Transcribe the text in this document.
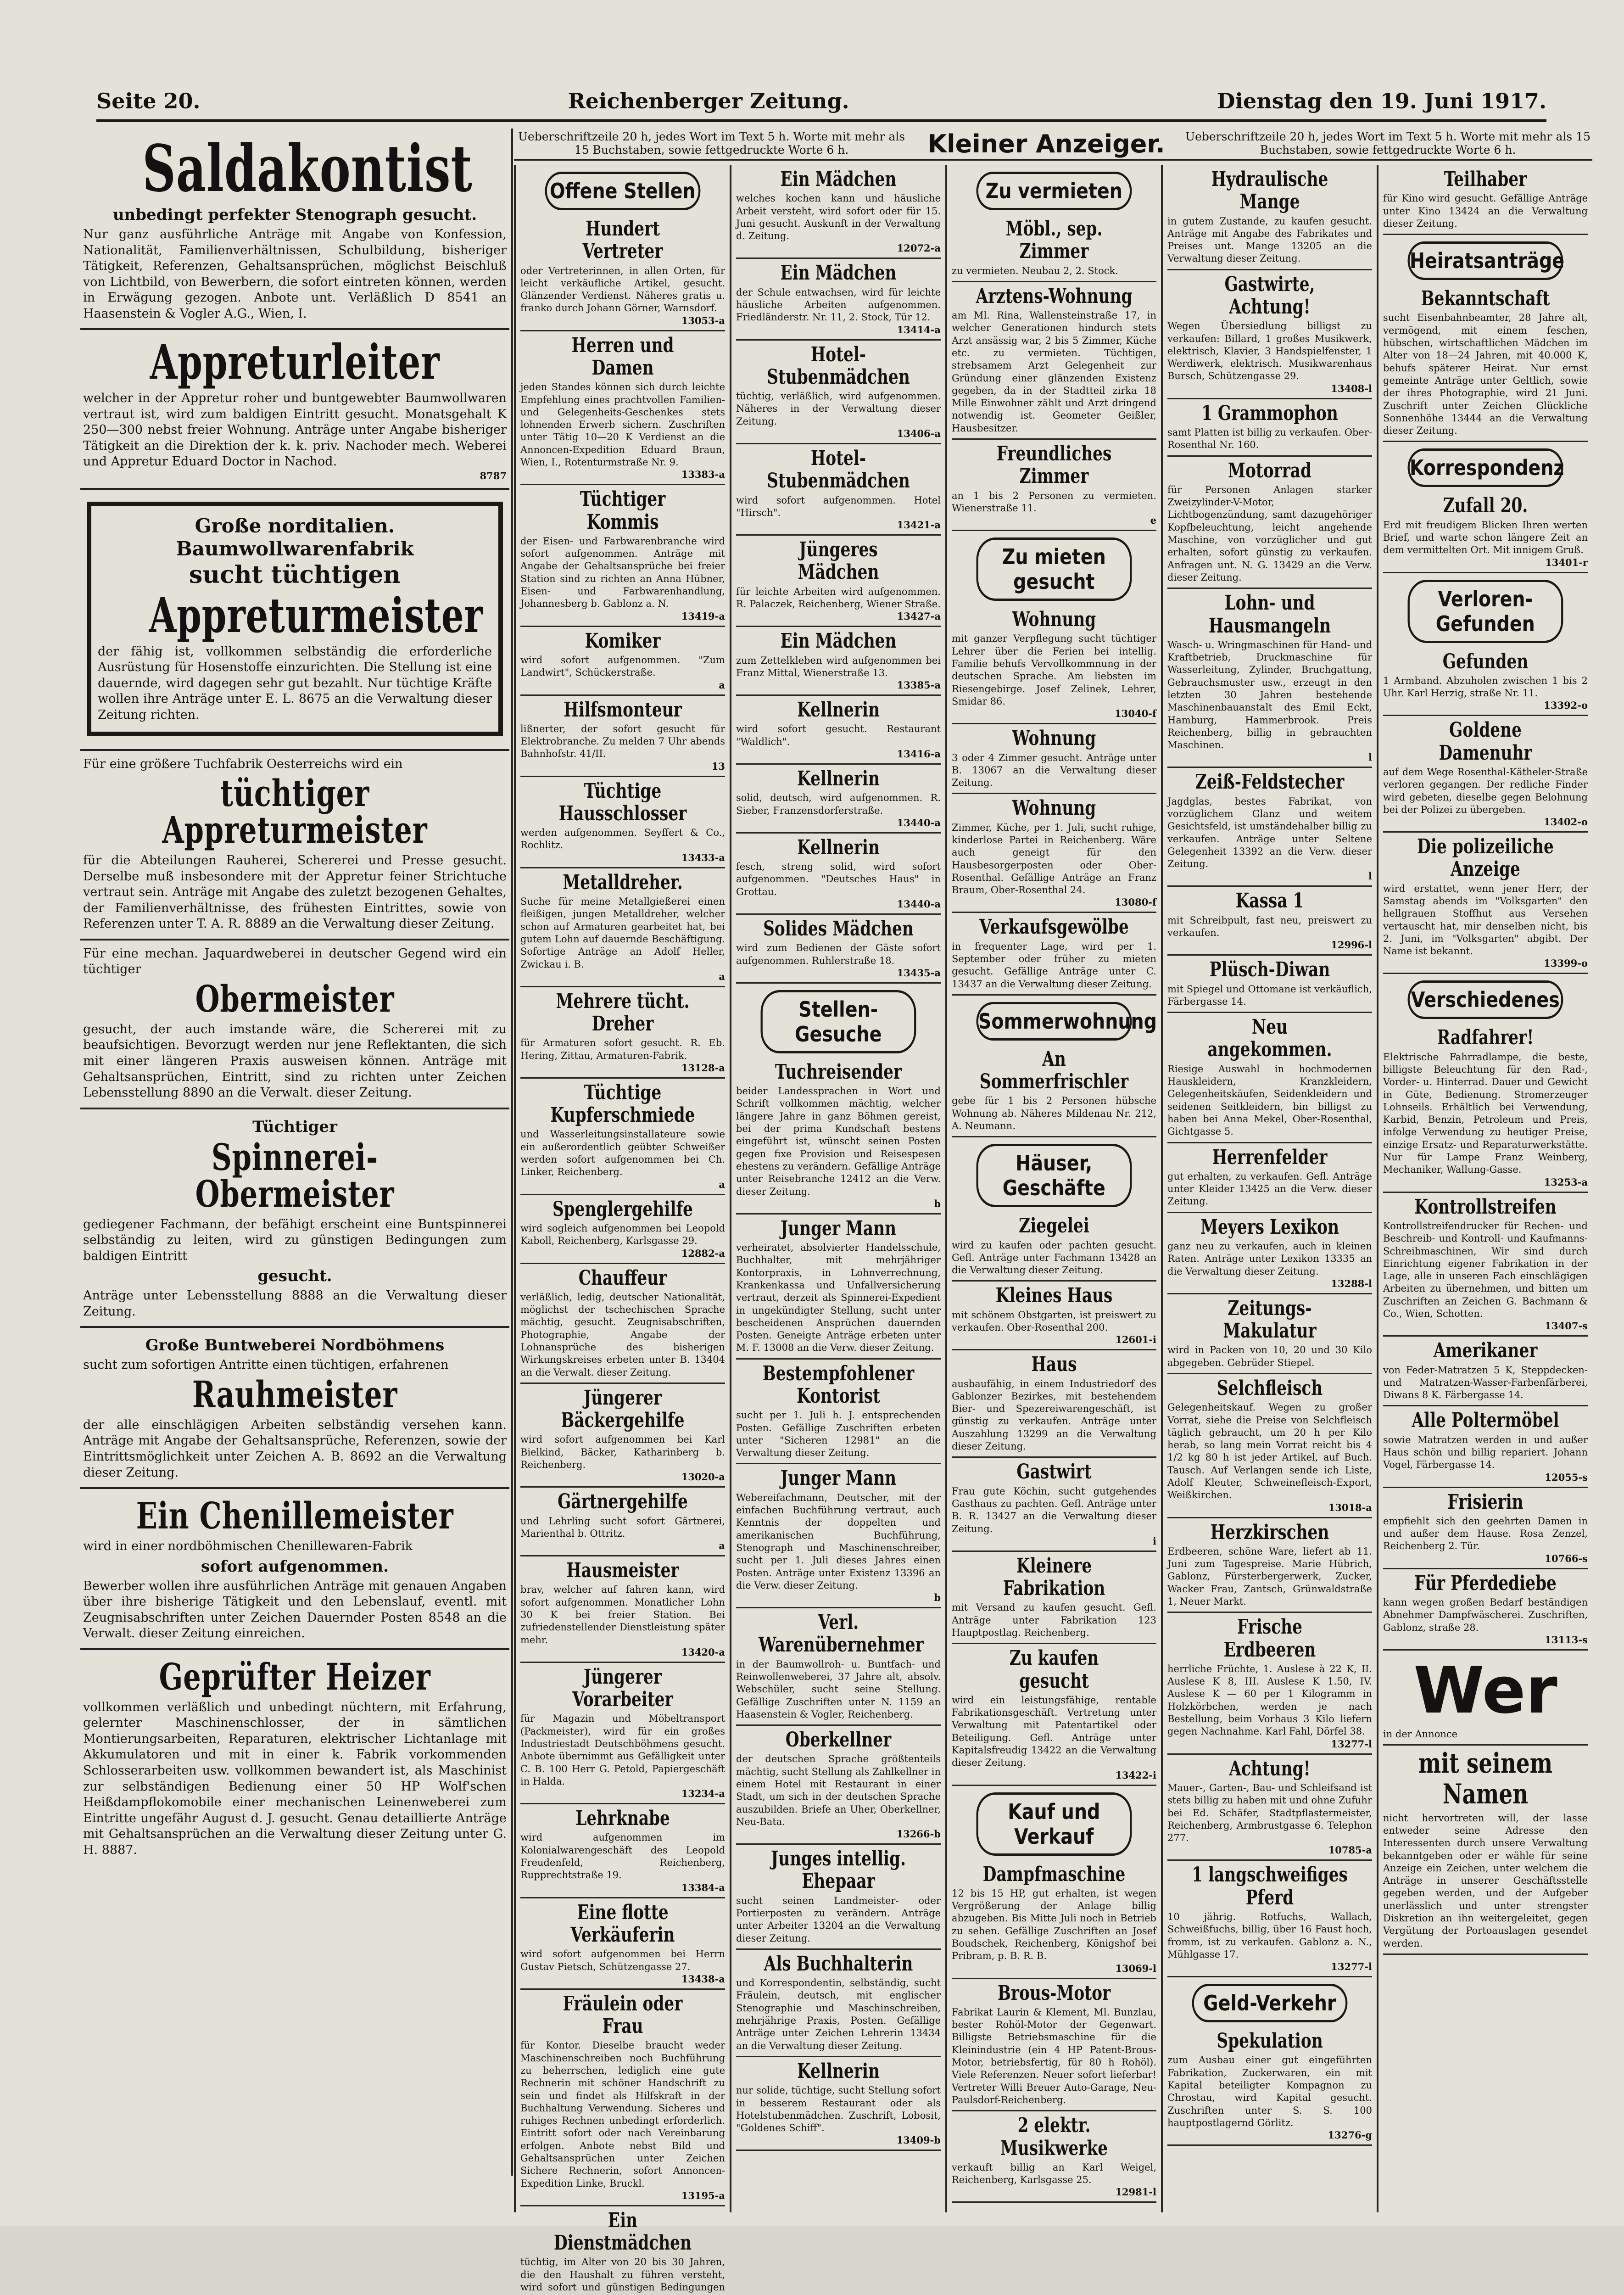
Seite 20.	Reichenberger Zeitung.	Dienstag den 19. Juni 1917.
Saldakontist
unbedingt perfekter Stenograph gesucht.
Nur ganz ausführliche Anträge mit Angabe von Konfession, Nationalität, Familienverhältnissen, Schulbildung, bisheriger Tätigkeit, Referenzen, Gehaltsansprüchen, möglichst Beischluß von Lichtbild, von Bewerbern, die sofort eintreten können, werden in Erwägung gezogen. Anbote unt. Verläßlich D 8541 an Haasenstein & Vogler A.G., Wien, I.
Appreturleiter
welcher in der Appretur roher und buntgewebter Baumwollwaren vertraut ist, wird zum baldigen Eintritt gesucht. Monatsgehalt K 250—300 nebst freier Wohnung. Anträge unter Angabe bisheriger Tätigkeit an die Direktion der k. k. priv. Nachoder mech. Weberei und Appretur Eduard Doctor in Nachod.
8787
Große norditalien. Baumwollwarenfabrik
sucht tüchtigen
Appreturmeister
der fähig ist, vollkommen selbständig die erforderliche Ausrüstung für Hosenstoffe einzurichten. Die Stellung ist eine dauernde, wird dagegen sehr gut bezahlt. Nur tüchtige Kräfte wollen ihre Anträge unter E. L. 8675 an die Verwaltung dieser Zeitung richten.
Für eine größere Tuchfabrik Oesterreichs wird ein
tüchtiger Appreturmeister
für die Abteilungen Rauherei, Schererei und Presse gesucht. Derselbe muß insbesondere mit der Appretur feiner Strichtuche vertraut sein. Anträge mit Angabe des zuletzt bezogenen Gehaltes, der Familienverhältnisse, des frühesten Eintrittes, sowie von Referenzen unter T. A. R. 8889 an die Verwaltung dieser Zeitung.
Für eine mechan. Jaquardweberei in deutscher Gegend wird ein tüchtiger
Obermeister
gesucht, der auch imstande wäre, die Schererei mit zu beaufsichtigen. Bevorzugt werden nur jene Reflektanten, die sich mit einer längeren Praxis ausweisen können. Anträge mit Gehaltsansprüchen, Eintritt, sind zu richten unter Zeichen Lebensstellung 8890 an die Verwalt. dieser Zeitung.
Tüchtiger
Spinnerei-Obermeister
gediegener Fachmann, der befähigt erscheint eine Buntspinnerei selbständig zu leiten, wird zu günstigen Bedingungen zum baldigen Eintritt
gesucht.
Anträge unter Lebensstellung 8888 an die Verwaltung dieser Zeitung.
Große Buntweberei Nordböhmens
sucht zum sofortigen Antritte einen tüchtigen, erfahrenen
Rauhmeister
der alle einschlägigen Arbeiten selbständig versehen kann. Anträge mit Angabe der Gehaltsansprüche, Referenzen, sowie der Eintrittsmöglichkeit unter Zeichen A. B. 8692 an die Verwaltung dieser Zeitung.
Ein Chenillemeister
wird in einer nordböhmischen Chenillewaren-Fabrik
sofort aufgenommen.
Bewerber wollen ihre ausführlichen Anträge mit genauen Angaben über ihre bisherige Tätigkeit und den Lebenslauf, eventl. mit Zeugnisabschriften unter Zeichen Dauernder Posten 8548 an die Verwalt. dieser Zeitung einreichen.
Geprüfter Heizer
vollkommen verläßlich und unbedingt nüchtern, mit Erfahrung, gelernter Maschinenschlosser, der in sämtlichen Montierungsarbeiten, Reparaturen, elektrischer Lichtanlage mit Akkumulatoren und mit in einer k. Fabrik vorkommenden Schlosserarbeiten usw. vollkommen bewandert ist, als Maschinist zur selbständigen Bedienung einer 50 HP Wolf'schen Heißdampflokomobile einer mechanischen Leinenweberei zum Eintritte ungefähr August d. J. gesucht. Genau detaillierte Anträge mit Gehaltsansprüchen an die Verwaltung dieser Zeitung unter G. H. 8887.
Ueberschriftzeile 20 h, jedes Wort im Text 5 h. Worte mit mehr als 15 Buchstaben, sowie fettgedruckte Worte 6 h.	Kleiner Anzeiger.	Ueberschriftzeile 20 h, jedes Wort im Text 5 h. Worte mit mehr als 15 Buchstaben, sowie fettgedruckte Worte 6 h.
Offene Stellen
Hundert Vertreter
oder Vertreterinnen, in allen Orten, für leicht verkäufliche Artikel, gesucht. Glänzender Verdienst. Näheres gratis u. franko durch Johann Görner, Warnsdorf.
13053-a
Herren und Damen
jeden Standes können sich durch leichte Empfehlung eines prachtvollen Familien- und Gelegenheits-Geschenkes stets lohnenden Erwerb sichern. Zuschriften unter Tätig 10—20 K Verdienst an die Annoncen-Expedition Eduard Braun, Wien, I., Rotenturmstraße Nr. 9.
13383-a
Tüchtiger Kommis
der Eisen- und Farbwarenbranche wird sofort aufgenommen. Anträge mit Angabe der Gehaltsansprüche bei freier Station sind zu richten an Anna Hübner, Eisen- und Farbwarenhandlung, Johannesberg b. Gablonz a. N.
13419-a
Komiker
wird sofort aufgenommen. "Zum Landwirt", Schückerstraße.
a
Hilfsmonteur
lißnerter, der sofort gesucht für Elektrobranche. Zu melden 7 Uhr abends Bahnhofstr. 41/II.
13
Tüchtige Hausschlosser
werden aufgenommen. Seyffert & Co., Rochlitz.
13433-a
Metalldreher.
Suche für meine Metallgießerei einen fleißigen, jungen Metalldreher, welcher schon auf Armaturen gearbeitet hat, bei gutem Lohn auf dauernde Beschäftigung. Sofortige Anträge an Adolf Heller, Zwickau i. B.
a
Mehrere tücht. Dreher
für Armaturen sofort gesucht. R. Eb. Hering, Zittau, Armaturen-Fabrik.
13128-a
Tüchtige Kupferschmiede
und Wasserleitungsinstallateure sowie ein außerordentlich geübter Schweißer werden sofort aufgenommen bei Ch. Linker, Reichenberg.
a
Spenglergehilfe
wird sogleich aufgenommen bei Leopold Kaboll, Reichenberg, Karlsgasse 29.
12882-a
Chauffeur
verläßlich, ledig, deutscher Nationalität, möglichst der tschechischen Sprache mächtig, gesucht. Zeugnisabschriften, Photographie, Angabe der Lohnansprüche des bisherigen Wirkungskreises erbeten unter B. 13404 an die Verwalt. dieser Zeitung.
Jüngerer Bäckergehilfe
wird sofort aufgenommen bei Karl Bielkind, Bäcker, Katharinberg b. Reichenberg.
13020-a
Gärtnergehilfe
und Lehrling sucht sofort Gärtnerei, Marienthal b. Ottritz.
a
Hausmeister
brav, welcher auf fahren kann, wird sofort aufgenommen. Monatlicher Lohn 30 K bei freier Station. Bei zufriedenstellender Dienstleistung später mehr.
13420-a
Jüngerer Vorarbeiter
für Magazin und Möbeltransport (Packmeister), wird für ein großes Industriestadt Deutschböhmens gesucht. Anbote übernimmt aus Gefälligkeit unter C. B. 100 Herr G. Petold, Papiergeschäft in Halda.
13234-a
Lehrknabe
wird aufgenommen im Kolonialwarengeschäft des Leopold Freudenfeld, Reichenberg, Rupprechtstraße 19.
13384-a
Eine flotte Verkäuferin
wird sofort aufgenommen bei Herrn Gustav Pietsch, Schützengasse 27.
13438-a
Fräulein oder Frau
für Kontor. Dieselbe braucht weder Maschinenschreiben noch Buchführung zu beherrschen, lediglich eine gute Rechnerin mit schöner Handschrift zu sein und findet als Hilfskraft in der Buchhaltung Verwendung. Sicheres und ruhiges Rechnen unbedingt erforderlich. Eintritt sofort oder nach Vereinbarung erfolgen. Anbote nebst Bild und Gehaltsansprüchen unter Zeichen Sichere Rechnerin, sofort Annoncen-Expedition Linke, Bruckl.
13195-a
Ein Dienstmädchen
tüchtig, im Alter von 20 bis 30 Jahren, die den Haushalt zu führen versteht, wird sofort und günstigen Bedingungen
Ein Mädchen
welches kochen kann und häusliche Arbeit versteht, wird sofort oder für 15. Juni gesucht. Auskunft in der Verwaltung d. Zeitung.
12072-a
Ein Mädchen
der Schule entwachsen, wird für leichte häusliche Arbeiten aufgenommen. Friedländerstr. Nr. 11, 2. Stock, Tür 12.
13414-a
Hotel-Stubenmädchen
tüchtig, verläßlich, wird aufgenommen. Näheres in der Verwaltung dieser Zeitung.
13406-a
Hotel-Stubenmädchen
wird sofort aufgenommen. Hotel "Hirsch".
13421-a
Jüngeres Mädchen
für leichte Arbeiten wird aufgenommen. R. Palaczek, Reichenberg, Wiener Straße.
13427-a
Ein Mädchen
zum Zettelkleben wird aufgenommen bei Franz Mittal, Wienerstraße 13.
13385-a
Kellnerin
wird sofort gesucht. Restaurant "Waldlich".
13416-a
Kellnerin
solid, deutsch, wird aufgenommen. R. Sieber, Franzensdorferstraße.
13440-a
Kellnerin
fesch, streng solid, wird sofort aufgenommen. "Deutsches Haus" in Grottau.
13440-a
Solides Mädchen
wird zum Bedienen der Gäste sofort aufgenommen. Ruhlerstraße 18.
13435-a
Stellen-Gesuche
Tuchreisender
beider Landessprachen in Wort und Schrift vollkommen mächtig, welcher längere Jahre in ganz Böhmen gereist, bei der prima Kundschaft bestens eingeführt ist, wünscht seinen Posten gegen fixe Provision und Reisespesen ehestens zu verändern. Gefällige Anträge unter Reisebranche 12412 an die Verw. dieser Zeitung.
b
Junger Mann
verheiratet, absolvierter Handelsschule, Buchhalter, mit mehrjähriger Kontorpraxis, in Lohnverrechnung, Krankenkassa und Unfallversicherung vertraut, derzeit als Spinnerei-Expedient in ungekündigter Stellung, sucht unter bescheidenen Ansprüchen dauernden Posten. Geneigte Anträge erbeten unter M. F. 13008 an die Verw. dieser Zeitung.
Bestempfohlener Kontorist
sucht per 1. Juli h. J. entsprechenden Posten. Gefällige Zuschriften erbeten unter "Sicheren 12981" an die Verwaltung dieser Zeitung.
Junger Mann
Webereifachmann, Deutscher, mit der einfachen Buchführung vertraut, auch Kenntnis der doppelten und amerikanischen Buchführung, Stenograph und Maschinenschreiber, sucht per 1. Juli dieses Jahres einen Posten. Anträge unter Existenz 13396 an die Verw. dieser Zeitung.
b
Verl. Warenübernehmer
in der Baumwollroh- u. Buntfach- und Reinwollenweberei, 37 Jahre alt, absolv. Webschüler, sucht seine Stellung. Gefällige Zuschriften unter N. 1159 an Haasenstein & Vogler, Reichenberg.
Oberkellner
der deutschen Sprache größtenteils mächtig, sucht Stellung als Zahlkellner in einem Hotel mit Restaurant in einer Stadt, um sich in der deutschen Sprache auszubilden. Briefe an Uher, Oberkellner, Neu-Bata.
13266-b
Junges intellig. Ehepaar
sucht seinen Landmeister- oder Portierposten zu verändern. Anträge unter Arbeiter 13204 an die Verwaltung dieser Zeitung.
Als Buchhalterin
und Korrespondentin, selbständig, sucht Fräulein, deutsch, mit englischer Stenographie und Maschinschreiben, mehrjährige Praxis, Posten. Gefällige Anträge unter Zeichen Lehrerin 13434 an die Verwaltung dieser Zeitung.
Kellnerin
nur solide, tüchtige, sucht Stellung sofort in besserem Restaurant oder als Hotelstubenmädchen. Zuschrift, Lobosit, "Goldenes Schiff".
13409-b
Zu vermieten
Möbl., sep. Zimmer
zu vermieten. Neubau 2, 2. Stock.
Arztens-Wohnung
am Ml. Rina, Wallensteinstraße 17, in welcher Generationen hindurch stets Arzt ansässig war, 2 bis 5 Zimmer, Küche etc. zu vermieten. Tüchtigen, strebsamem Arzt Gelegenheit zur Gründung einer glänzenden Existenz gegeben, da in der Stadtteil zirka 18 Mille Einwohner zählt und Arzt dringend notwendig ist. Geometer Geißler, Hausbesitzer.
Freundliches Zimmer
an 1 bis 2 Personen zu vermieten. Wienerstraße 11.
e
Zu mieten gesucht
Wohnung
mit ganzer Verpflegung sucht tüchtiger Lehrer über die Ferien bei intellig. Familie behufs Vervollkommnung in der deutschen Sprache. Am liebsten im Riesengebirge. Josef Zelinek, Lehrer, Smidar 86.
13040-f
Wohnung
3 oder 4 Zimmer gesucht. Anträge unter B. 13067 an die Verwaltung dieser Zeitung.
Wohnung
Zimmer, Küche, per 1. Juli, sucht ruhige, kinderlose Partei in Reichenberg. Wäre auch geneigt für den Hausbesorgerposten oder Ober-Rosenthal. Gefällige Anträge an Franz Braum, Ober-Rosenthal 24.
13080-f
Verkaufsgewölbe
in frequenter Lage, wird per 1. September oder früher zu mieten gesucht. Gefällige Anträge unter C. 13437 an die Verwaltung dieser Zeitung.
Sommerwohnung
An Sommerfrischler
gebe für 1 bis 2 Personen hübsche Wohnung ab. Näheres Mildenau Nr. 212, A. Neumann.
Häuser, Geschäfte
Ziegelei
wird zu kaufen oder pachten gesucht. Gefl. Anträge unter Fachmann 13428 an die Verwaltung dieser Zeitung.
Kleines Haus
mit schönem Obstgarten, ist preiswert zu verkaufen. Ober-Rosenthal 200.
12601-i
Haus
ausbaufähig, in einem Industriedorf des Gablonzer Bezirkes, mit bestehendem Bier- und Spezereiwarengeschäft, ist günstig zu verkaufen. Anträge unter Auszahlung 13299 an die Verwaltung dieser Zeitung.
Gastwirt
Frau gute Köchin, sucht gutgehendes Gasthaus zu pachten. Gefl. Anträge unter B. R. 13427 an die Verwaltung dieser Zeitung.
i
Kleinere Fabrikation
mit Versand zu kaufen gesucht. Gefl. Anträge unter Fabrikation 123 Hauptpostlag. Reichenberg.
Zu kaufen gesucht
wird ein leistungsfähige, rentable Fabrikationsgeschäft. Vertretung unter Verwaltung mit Patentartikel oder Beteiligung. Gefl. Anträge unter Kapitalsfreudig 13422 an die Verwaltung dieser Zeitung.
13422-i
Kauf und Verkauf
Dampfmaschine
12 bis 15 HP, gut erhalten, ist wegen Vergrößerung der Anlage billig abzugeben. Bis Mitte Juli noch in Betrieb zu sehen. Gefällige Zuschriften an Josef Boudschek, Reichenberg, Königshof bei Pribram, p. B. R. B.
13069-l
Brous-Motor
Fabrikat Laurin & Klement, Ml. Bunzlau, bester Rohöl-Motor der Gegenwart. Billigste Betriebsmaschine für die Kleinindustrie (ein 4 HP Patent-Brous-Motor, betriebsfertig, für 80 h Rohöl). Viele Referenzen. Neuer sofort lieferbar! Vertreter Willi Breuer Auto-Garage, Neu-Paulsdorf-Reichenberg.
2 elektr. Musikwerke
verkauft billig an Karl Weigel, Reichenberg, Karlsgasse 25.
12981-l
Hydraulische Mange
in gutem Zustande, zu kaufen gesucht. Anträge mit Angabe des Fabrikates und Preises unt. Mange 13205 an die Verwaltung dieser Zeitung.
Gastwirte, Achtung!
Wegen Übersiedlung billigst zu verkaufen: Billard, 1 großes Musikwerk, elektrisch, Klavier, 3 Handspielfenster, 1 Werdiwerk, elektrisch. Musikwarenhaus Bursch, Schützengasse 29.
13408-l
1 Grammophon
samt Platten ist billig zu verkaufen. Ober-Rosenthal Nr. 160.
Motorrad
für Personen Anlagen starker Zweizylinder-V-Motor, Lichtbogenzündung, samt dazugehöriger Kopfbeleuchtung, leicht angehende Maschine, von vorzüglicher und gut erhalten, sofort günstig zu verkaufen. Anfragen unt. N. G. 13429 an die Verw. dieser Zeitung.
Lohn- und Hausmangeln
Wasch- u. Wringmaschinen für Hand- und Kraftbetrieb, Druckmaschine für Wasserleitung, Zylinder, Bruchgattung, Gebrauchsmuster usw., erzeugt in den letzten 30 Jahren bestehende Maschinenbauanstalt des Emil Eckt, Hamburg, Hammerbrook. Preis Reichenberg, billig in gebrauchten Maschinen.
l
Zeiß-Feldstecher
Jagdglas, bestes Fabrikat, von vorzüglichem Glanz und weitem Gesichtsfeld, ist umständehalber billig zu verkaufen. Anträge unter Seltene Gelegenheit 13392 an die Verw. dieser Zeitung.
l
Kassa 1
mit Schreibpult, fast neu, preiswert zu verkaufen.
12996-l
Plüsch-Diwan
mit Spiegel und Ottomane ist verkäuflich, Färbergasse 14.
Neu angekommen.
Riesige Auswahl in hochmodernen Hauskleidern, Kranzkleidern, Gelegenheitskäufen, Seidenkleidern und seidenen Seitkleidern, bin billigst zu haben bei Anna Mekel, Ober-Rosenthal, Gichtgasse 5.
Herrenfelder
gut erhalten, zu verkaufen. Gefl. Anträge unter Kleider 13425 an die Verw. dieser Zeitung.
Meyers Lexikon
ganz neu zu verkaufen, auch in kleinen Raten. Anträge unter Lexikon 13335 an die Verwaltung dieser Zeitung.
13288-l
Zeitungs-Makulatur
wird in Packen von 10, 20 und 30 Kilo abgegeben. Gebrüder Stiepel.
Selchfleisch
Gelegenheitskauf. Wegen zu großer Vorrat, siehe die Preise von Selchfleisch täglich gebraucht, um 20 h per Kilo herab, so lang mein Vorrat reicht bis 4 1/2 kg 80 h ist jeder Artikel, auf Buch. Tausch. Auf Verlangen sende ich Liste, Adolf Kleuter, Schweinefleisch-Export, Weißkirchen.
13018-a
Herzkirschen
Erdbeeren, schöne Ware, liefert ab 11. Juni zum Tagespreise. Marie Hübrich, Gablonz, Fürsterbergerwerk, Zucker, Wacker Frau, Zantsch, Grünwaldstraße 1, Neuer Markt.
Frische Erdbeeren
herrliche Früchte, 1. Auslese à 22 K, II. Auslese K 8, III. Auslese K 1.50, IV. Auslese K — 60 per 1 Kilogramm in Holzkörbchen, werden je nach Bestellung, beim Vorhaus 3 Kilo liefern gegen Nachnahme. Karl Fahl, Dörfel 38.
13277-l
Achtung!
Mauer-, Garten-, Bau- und Schleifsand ist stets billig zu haben mit und ohne Zufuhr bei Ed. Schäfer, Stadtpflastermeister, Reichenberg, Armbrustgasse 6. Telephon 277.
10785-a
1 langschweifiges Pferd
10 jährig. Rotfuchs, Wallach, Schweißfuchs, billig, über 16 Faust hoch, fromm, ist zu verkaufen. Gablonz a. N., Mühlgasse 17.
13277-l
Geld-Verkehr
Spekulation
zum Ausbau einer gut eingeführten Fabrikation, Zuckerwaren, ein mit Kapital beteiligter Kompagnon zu Chrostau, wird Kapital gesucht. Zuschriften unter S. S. 100 hauptpostlagernd Görlitz.
13276-g
Teilhaber
für Kino wird gesucht. Gefällige Anträge unter Kino 13424 an die Verwaltung dieser Zeitung.
Heiratsanträge
Bekanntschaft
sucht Eisenbahnbeamter, 28 Jahre alt, vermögend, mit einem feschen, hübschen, wirtschaftlichen Mädchen im Alter von 18—24 Jahren, mit 40.000 K, behufs späterer Heirat. Nur ernst gemeinte Anträge unter Geltlich, sowie der ihres Photographie, wird 21 Juni. Zuschrift unter Zeichen Glückliche Sonnenhöhe 13444 an die Verwaltung dieser Zeitung.
Korrespondenz
Zufall 20.
Erd mit freudigem Blicken Ihren werten Brief, und warte schon längere Zeit an dem vermittelten Ort. Mit innigem Gruß.
13401-r
Verloren-Gefunden
Gefunden
1 Armband. Abzuholen zwischen 1 bis 2 Uhr. Karl Herzig, straße Nr. 11.
13392-o
Goldene Damenuhr
auf dem Wege Rosenthal-Kätheler-Straße verloren gegangen. Der redliche Finder wird gebeten, dieselbe gegen Belohnung bei der Polizei zu übergeben.
13402-o
Die polizeiliche Anzeige
wird erstattet, wenn jener Herr, der Samstag abends im "Volksgarten" den hellgrauen Stoffhut aus Versehen vertauscht hat, mir denselben nicht, bis 2. Juni, im "Volksgarten" abgibt. Der Name ist bekannt.
13399-o
Verschiedenes
Radfahrer!
Elektrische Fahrradlampe, die beste, billigste Beleuchtung für den Rad-, Vorder- u. Hinterrad. Dauer und Gewicht in Güte, Bedienung. Stromerzeuger Lohnseils. Erhältlich bei Verwendung, Karbid, Benzin, Petroleum und Preis, infolge Verwendung zu heutiger Preise, einzige Ersatz- und Reparaturwerkstätte. Nur für Lampe Franz Weinberg, Mechaniker, Wallung-Gasse.
13253-a
Kontrollstreifen
Kontrollstreifendrucker für Rechen- und Beschreib- und Kontroll- und Kaufmanns- Schreibmaschinen, Wir sind durch Einrichtung eigener Fabrikation in der Lage, alle in unseren Fach einschlägigen Arbeiten zu übernehmen, und bitten um Zuschriften an Zeichen G. Bachmann & Co., Wien, Schotten.
13407-s
Amerikaner
von Feder-Matratzen 5 K, Steppdecken- und Matratzen-Wasser-Farbenfärberei, Diwans 8 K. Färbergasse 14.
Alle Poltermöbel
sowie Matratzen werden in und außer Haus schön und billig repariert. Johann Vogel, Färbergasse 14.
12055-s
Frisierin
empfiehlt sich den geehrten Damen in und außer dem Hause. Rosa Zenzel, Reichenberg 2. Tür.
10766-s
Für Pferdediebe
kann wegen großen Bedarf beständigen Abnehmer Dampfwäscherei. Zuschriften, Gablonz, straße 28.
13113-s
Wer
in der Annonce
mit seinem Namen
nicht hervortreten will, der lasse entweder seine Adresse den Interessenten durch unsere Verwaltung bekanntgeben oder er wähle für seine Anzeige ein Zeichen, unter welchem die Anträge in unserer Geschäftsstelle gegeben werden, und der Aufgeber unerlässlich und unter strengster Diskretion an ihn weitergeleitet, gegen Vergütung der Portoauslagen gesendet werden.
